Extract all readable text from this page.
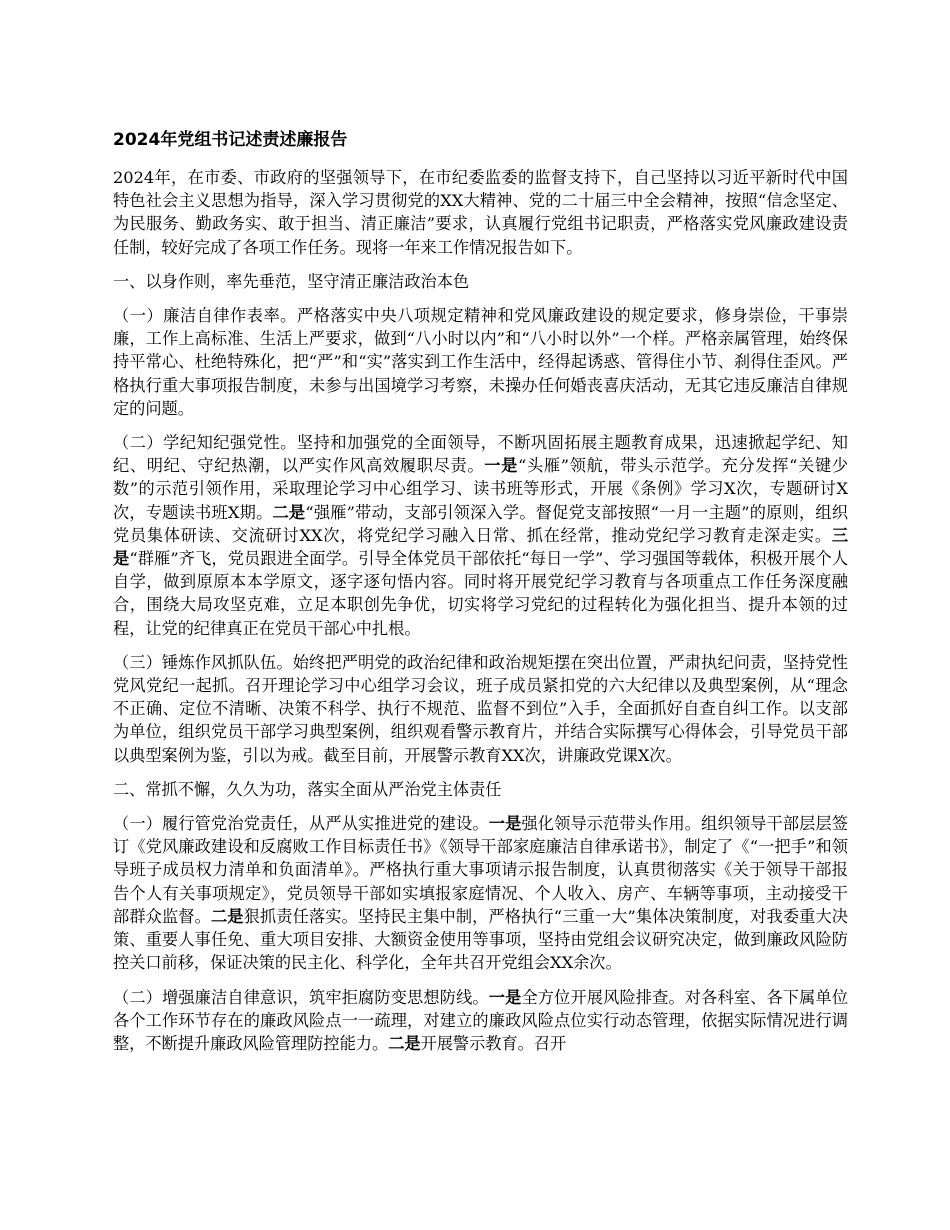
2024年党组书记述责述廉报告

2024年，在市委、市政府的坚强领导下，在市纪委监委的监督支持下，自己坚持以习近平新时代中国特色社会主义思想为指导，深入学习贯彻党的XX大精神、党的二十届三中全会精神，按照“信念坚定、为民服务、勤政务实、敢于担当、清正廉洁”要求，认真履行党组书记职责，严格落实党风廉政建设责任制，较好完成了各项工作任务。现将一年来工作情况报告如下。

一、以身作则，率先垂范，坚守清正廉洁政治本色

（一）廉洁自律作表率。严格落实中央八项规定精神和党风廉政建设的规定要求，修身崇俭，干事崇廉，工作上高标准、生活上严要求，做到“八小时以内”和“八小时以外”一个样。严格亲属管理，始终保持平常心、杜绝特殊化，把“严”和“实”落实到工作生活中，经得起诱惑、管得住小节、刹得住歪风。严格执行重大事项报告制度，未参与出国境学习考察，未操办任何婚丧喜庆活动，无其它违反廉洁自律规定的问题。

（二）学纪知纪强党性。坚持和加强党的全面领导，不断巩固拓展主题教育成果，迅速掀起学纪、知纪、明纪、守纪热潮，以严实作风高效履职尽责。一是“头雁”领航，带头示范学。充分发挥“关键少数”的示范引领作用，采取理论学习中心组学习、读书班等形式，开展《条例》学习X次，专题研讨X次，专题读书班X期。二是“强雁”带动，支部引领深入学。督促党支部按照“一月一主题”的原则，组织党员集体研读、交流研讨XX次，将党纪学习融入日常、抓在经常，推动党纪学习教育走深走实。三是“群雁”齐飞，党员跟进全面学。引导全体党员干部依托“每日一学”、学习强国等载体，积极开展个人自学，做到原原本本学原文，逐字逐句悟内容。同时将开展党纪学习教育与各项重点工作任务深度融合，围绕大局攻坚克难，立足本职创先争优，切实将学习党纪的过程转化为强化担当、提升本领的过程，让党的纪律真正在党员干部心中扎根。

（三）锤炼作风抓队伍。始终把严明党的政治纪律和政治规矩摆在突出位置，严肃执纪问责，坚持党性党风党纪一起抓。召开理论学习中心组学习会议，班子成员紧扣党的六大纪律以及典型案例，从“理念不正确、定位不清晰、决策不科学、执行不规范、监督不到位”入手，全面抓好自查自纠工作。以支部为单位，组织党员干部学习典型案例，组织观看警示教育片，并结合实际撰写心得体会，引导党员干部以典型案例为鉴，引以为戒。截至目前，开展警示教育XX次，讲廉政党课X次。

二、常抓不懈，久久为功，落实全面从严治党主体责任

（一）履行管党治党责任，从严从实推进党的建设。一是强化领导示范带头作用。组织领导干部层层签订《党风廉政建设和反腐败工作目标责任书》《领导干部家庭廉洁自律承诺书》，制定了《“一把手”和领导班子成员权力清单和负面清单》。严格执行重大事项请示报告制度，认真贯彻落实《关于领导干部报告个人有关事项规定》，党员领导干部如实填报家庭情况、个人收入、房产、车辆等事项，主动接受干部群众监督。二是狠抓责任落实。坚持民主集中制，严格执行“三重一大”集体决策制度，对我委重大决策、重要人事任免、重大项目安排、大额资金使用等事项，坚持由党组会议研究决定，做到廉政风险防控关口前移，保证决策的民主化、科学化，全年共召开党组会XX余次。

（二）增强廉洁自律意识，筑牢拒腐防变思想防线。一是全方位开展风险排查。对各科室、各下属单位各个工作环节存在的廉政风险点一一疏理，对建立的廉政风险点位实行动态管理，依据实际情况进行调整，不断提升廉政风险管理防控能力。二是开展警示教育。召开
